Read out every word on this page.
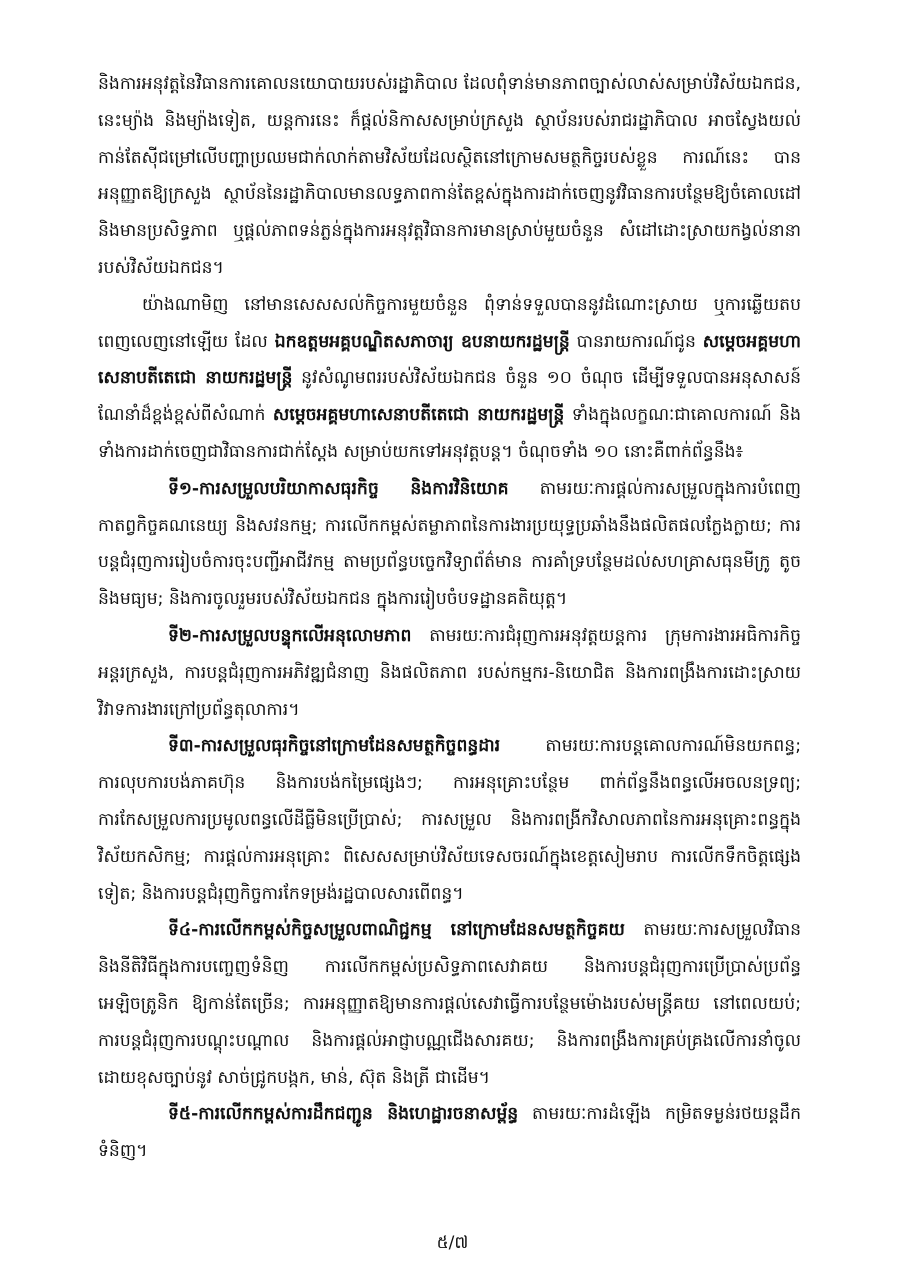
និងការអនុវត្តនៃវិធានការគោលនយោបាយរបស់រដ្ឋាភិបាល ដែលពុំទាន់មានភាពច្បាស់លាស់សម្រាប់វិស័យឯកជន, នេះម្យ៉ាង និងម្យ៉ាងទៀត, យន្តការនេះ ក៏ផ្តល់និកាសសម្រាប់ក្រសួង ស្ថាប័នរបស់រាជរដ្ឋាភិបាល អាចស្វែងយល់កាន់តែស៊ីជម្រៅលើបញ្ហាប្រឈមជាក់លាក់តាមវិស័យដែលស្ថិតនៅក្រោមសមត្ថកិច្ចរបស់ខ្លួន ការណ៍នេះ បានអនុញ្ញាតឱ្យក្រសួង ស្ថាប័ននៃរដ្ឋាភិបាលមានលទ្ធភាពកាន់តែខ្ពស់ក្នុងការដាក់ចេញនូវវិធានការបន្ថែមឱ្យចំគោលដៅ និងមានប្រសិទ្ធភាព ឬផ្តល់ភាពទន់ភ្លន់ក្នុងការអនុវត្តវិធានការមានស្រាប់មួយចំនួន សំដៅដោះស្រាយកង្វល់នានារបស់វិស័យឯកជន។

យ៉ាងណាមិញ នៅមានសេសសល់កិច្ចការមួយចំនួន ពុំទាន់ទទួលបាននូវដំណោះស្រាយ ឬការឆ្លើយតបពេញលេញនៅឡើយ ដែល ឯកឧត្តមអគ្គបណ្ឌិតសភាចារ្យ ឧបនាយករដ្ឋមន្ត្រី បានរាយការណ៍ជូន សម្តេចអគ្គមហាសេនាបតីតេជោ នាយករដ្ឋមន្ត្រី នូវសំណូមពររបស់វិស័យឯកជន ចំនួន ១០ ចំណុច ដើម្បីទទួលបានអនុសាសន៍ណែនាំដ៏ខ្ពង់ខ្ពស់ពីសំណាក់ សម្តេចអគ្គមហាសេនាបតីតេជោ នាយករដ្ឋមន្ត្រី ទាំងក្នុងលក្ខណៈជាគោលការណ៍ និងទាំងការដាក់ចេញជាវិធានការជាក់ស្តែង សម្រាប់យកទៅអនុវត្តបន្ត។ ចំណុចទាំង ១០ នោះគឺពាក់ព័ន្ធនឹង៖

ទី១-ការសម្រួលបរិយាកាសធុរកិច្ច និងការវិនិយោគ តាមរយៈការផ្តល់ការសម្រួលក្នុងការបំពេញកាតព្វកិច្ចគណនេយ្យ និងសវនកម្ម; ការលើកកម្ពស់តម្លាភាពនៃការងារប្រយុទ្ធប្រឆាំងនឹងផលិតផលក្លែងក្លាយ; ការបន្តជំរុញការរៀបចំការចុះបញ្ជីអាជីវកម្ម តាមប្រព័ន្ធបច្ចេកវិទ្យាព័ត៌មាន ការគាំទ្របន្ថែមដល់សហគ្រាសធុនមីក្រូ តូច និងមធ្យម; និងការចូលរួមរបស់វិស័យឯកជន ក្នុងការរៀបចំបទដ្ឋានគតិយុត្ត។

ទី២-ការសម្រួលបន្ទុកលើអនុលោមភាព តាមរយៈការជំរុញការអនុវត្តយន្តការ ក្រុមការងារអធិការកិច្ចអន្តរក្រសួង, ការបន្តជំរុញការអភិវឌ្ឍជំនាញ និងផលិតភាព របស់កម្មករ-និយោជិត និងការពង្រឹងការដោះស្រាយវិវាទការងារក្រៅប្រព័ន្ធតុលាការ។

ទី៣-ការសម្រួលធុរកិច្ចនៅក្រោមដែនសមត្ថកិច្ចពន្ធដារ តាមរយៈការបន្តគោលការណ៍មិនយកពន្ធ; ការលុបការបង់ភាគហ៊ុន និងការបង់កម្រៃផ្សេងៗ; ការអនុគ្រោះបន្ថែម ពាក់ព័ន្ធនឹងពន្ធលើអចលនទ្រព្យ; ការកែសម្រួលការប្រមូលពន្ធលើដីធ្លីមិនប្រើប្រាស់; ការសម្រួល និងការពង្រីកវិសាលភាពនៃការអនុគ្រោះពន្ធក្នុងវិស័យកសិកម្ម; ការផ្តល់ការអនុគ្រោះ ពិសេសសម្រាប់វិស័យទេសចរណ៍ក្នុងខេត្តសៀមរាប ការលើកទឹកចិត្តផ្សេងទៀត; និងការបន្តជំរុញកិច្ចការកែទម្រង់រដ្ឋបាលសារពើពន្ធ។

ទី៤-ការលើកកម្ពស់កិច្ចសម្រួលពាណិជ្ជកម្ម នៅក្រោមដែនសមត្ថកិច្ចគយ តាមរយៈការសម្រួលវិធាន និងនីតិវិធីក្នុងការបញ្ចេញទំនិញ ការលើកកម្ពស់ប្រសិទ្ធភាពសេវាគយ និងការបន្តជំរុញការប្រើប្រាស់ប្រព័ន្ធអេឡិចត្រូនិក ឱ្យកាន់តែច្រើន; ការអនុញ្ញាតឱ្យមានការផ្តល់សេវាធ្វើការបន្ថែមម៉ោងរបស់មន្ត្រីគយ នៅពេលយប់; ការបន្តជំរុញការបណ្តុះបណ្តាល និងការផ្តល់អាជ្ញាបណ្ណជើងសារគយ; និងការពង្រឹងការគ្រប់គ្រងលើការនាំចូលដោយខុសច្បាប់នូវ សាច់ជ្រូកបង្កក, មាន់, ស៊ុត និងត្រី ជាដើម។

ទី៥-ការលើកកម្ពស់ការដឹកជញ្ជូន និងហេដ្ឋារចនាសម្ព័ន្ធ តាមរយៈការដំឡើង កម្រិតទម្ងន់រថយន្តដឹកទំនិញ។

៥/៧
